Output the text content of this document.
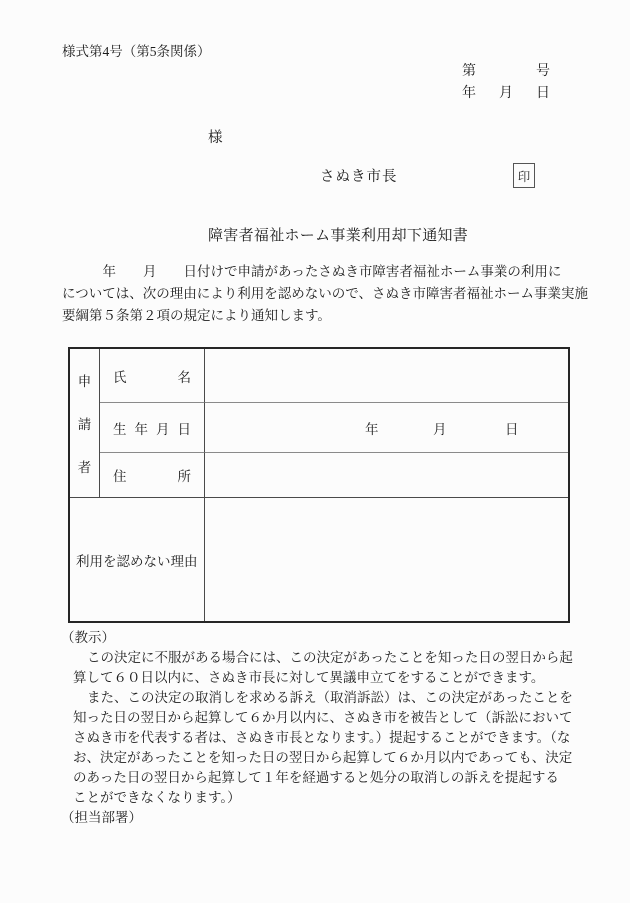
様式第4号（第5条関係）
第	号
年 月 日
様
さぬき市長	印
障害者福祉ホーム事業利用却下通知書
　　　年　　月　　日付けで申請があったさぬき市障害者福祉ホーム事業の利用に
については、次の理由により利用を認めないので、さぬき市障害者福祉ホーム事業実施
要綱第５条第２項の規定により通知します。
申
請
者
氏	名
生 年 月 日	年	月	日
住	所
利用を認めない理由
（教示）
この決定に不服がある場合には、この決定があったことを知った日の翌日から起
算して６０日以内に、さぬき市長に対して異議申立てをすることができます。
また、この決定の取消しを求める訴え（取消訴訟）は、この決定があったことを
知った日の翌日から起算して６か月以内に、さぬき市を被告として（訴訟において
さぬき市を代表する者は、さぬき市長となります。）提起することができます。（な
お、決定があったことを知った日の翌日から起算して６か月以内であっても、決定
のあった日の翌日から起算して１年を経過すると処分の取消しの訴えを提起する
ことができなくなります。）
（担当部署）
